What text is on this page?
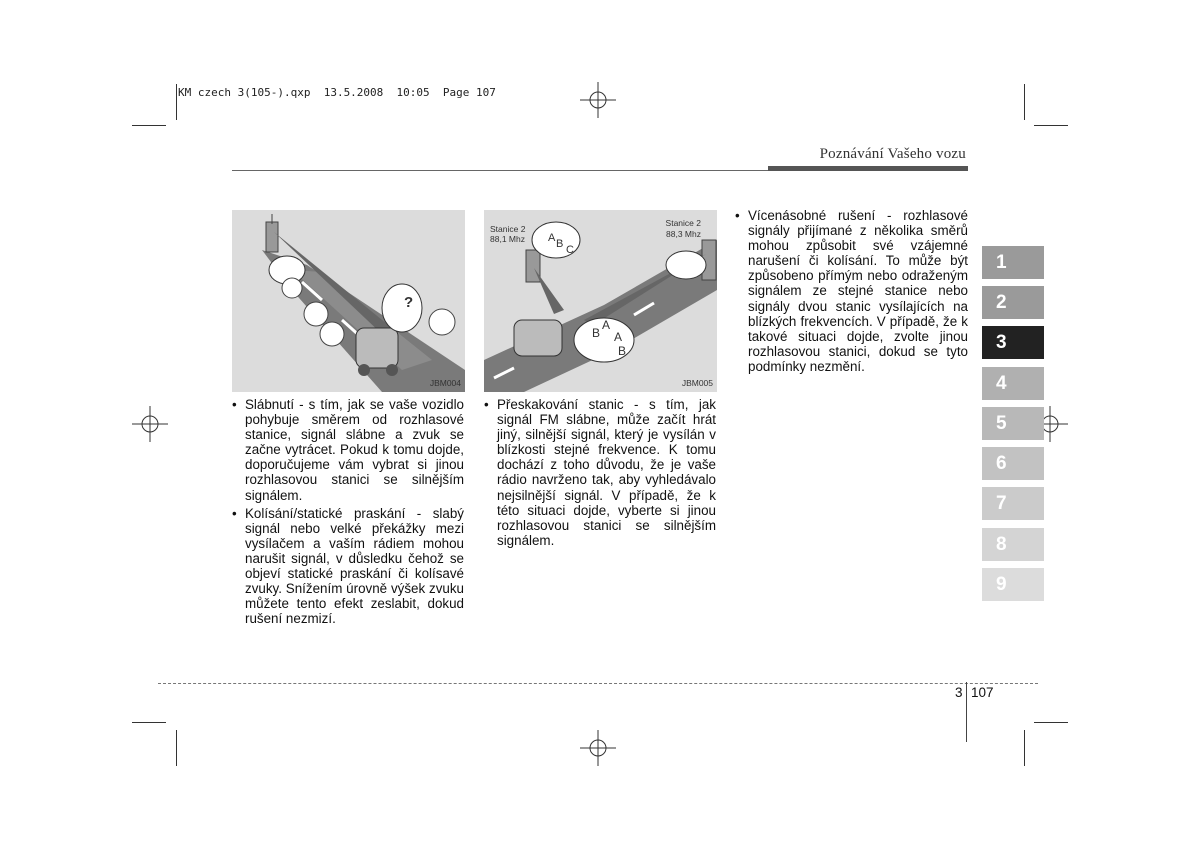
KM czech 3(105-).qxp  13.5.2008  10:05  Page 107
Poznávání Vašeho vozu
?
JBM004
Stanice 2
88,1 Mhz
Stanice 2
88,3 Mhz
A B C
A
B A
B
JBM005
• Slábnutí - s tím, jak se vaše vozidlo pohybuje směrem od rozhlasové stanice, signál slábne a zvuk se začne vytrácet. Pokud k tomu dojde, doporučujeme vám vybrat si jinou rozhlasovou stanici se silnějším signálem.
• Kolísání/statické praskání - slabý signál nebo velké překážky mezi vysílačem a vaším rádiem mohou narušit signál, v důsledku čehož se objeví statické praskání či kolísavé zvuky. Snížením úrovně výšek zvuku můžete tento efekt zeslabit, dokud rušení nezmizí.
• Přeskakování stanic - s tím, jak signál FM slábne, může začít hrát jiný, silnější signál, který je vysílán v blízkosti stejné frekvence. K tomu dochází z toho důvodu, že je vaše rádio navrženo tak, aby vyhledávalo nejsilnější signál. V případě, že k této situaci dojde, vyberte si jinou rozhlasovou stanici se silnějším signálem.
• Vícenásobné rušení - rozhlasové signály přijímané z několika směrů mohou způsobit své vzájemné narušení či kolísání. To může být způsobeno přímým nebo odraženým signálem ze stejné stanice nebo signály dvou stanic vysílajících na blízkých frekvencích. V případě, že k takové situaci dojde, zvolte jinou rozhlasovou stanici, dokud se tyto podmínky nezmění.
1
2
3
4
5
6
7
8
9
3 107
